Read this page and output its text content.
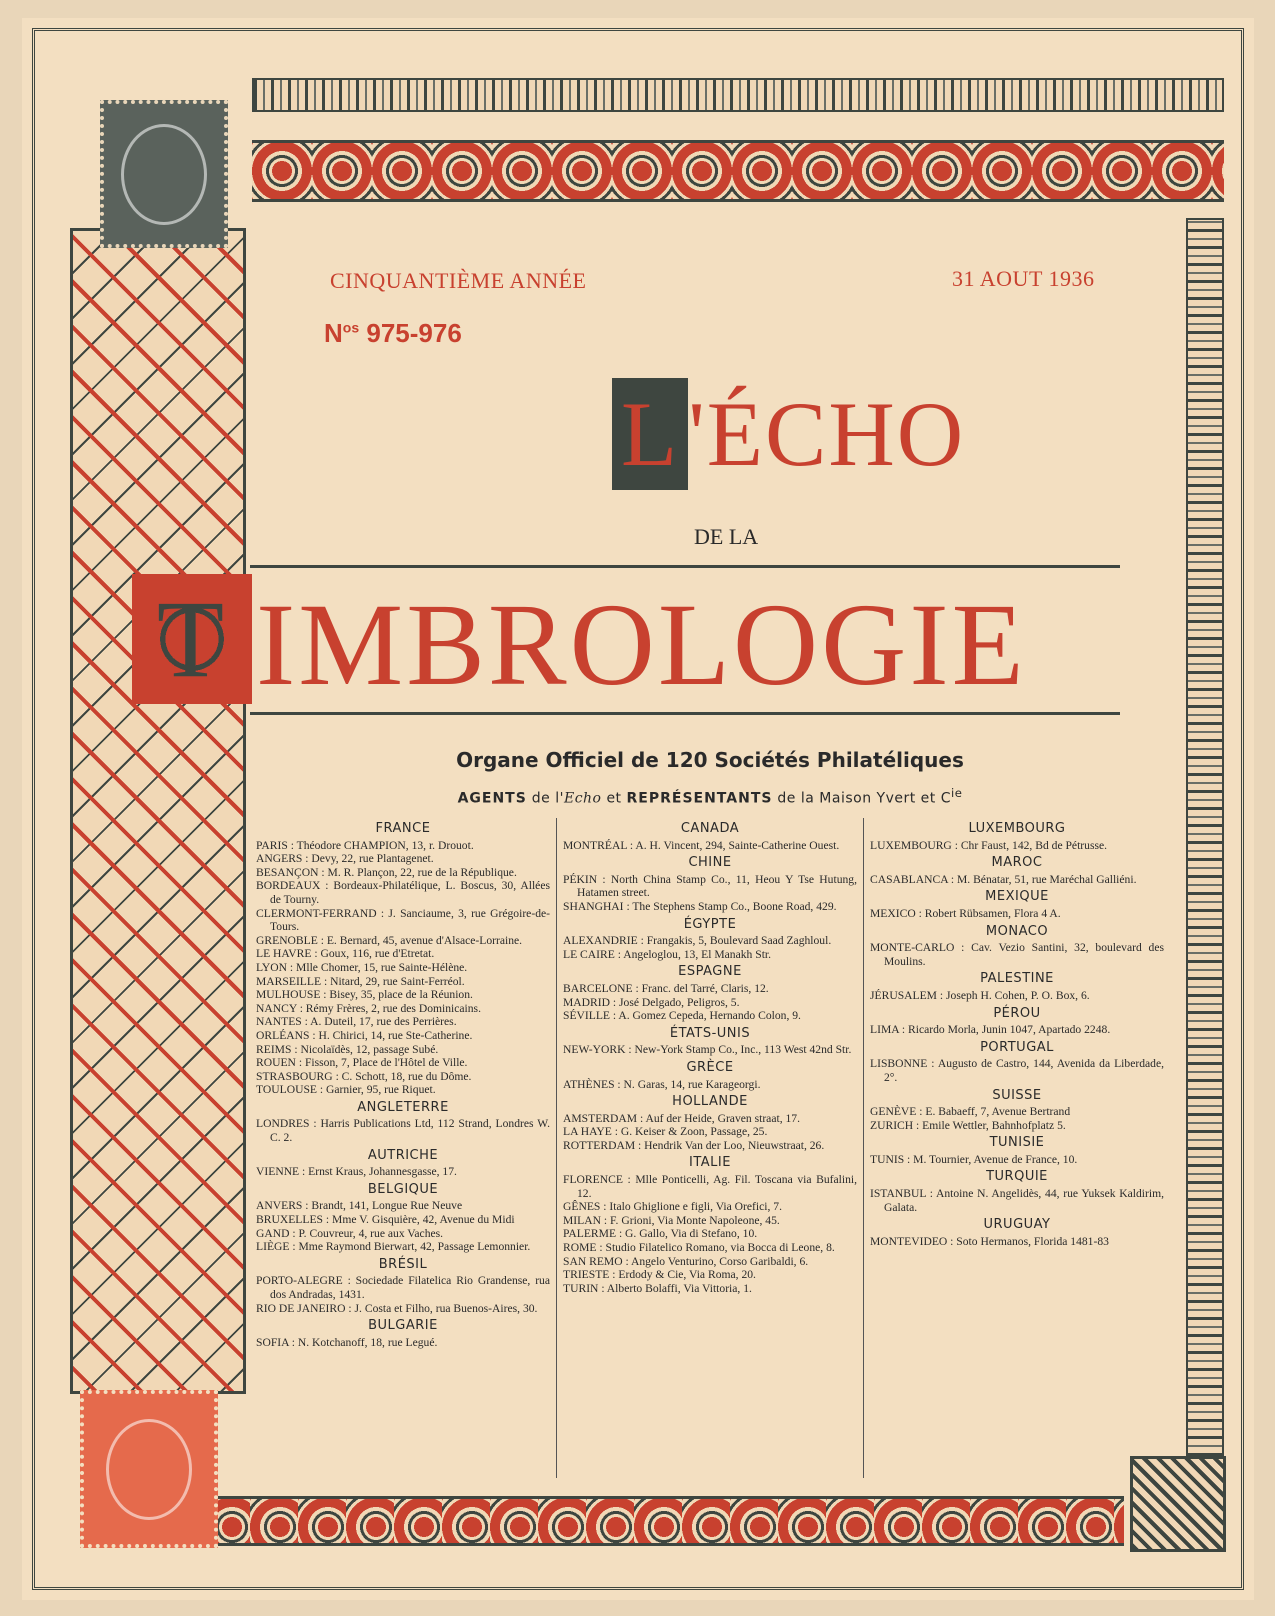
CINQUANTIÈME ANNÉE	31 AOUT 1936
$N^{os}$ 975-976
L'ÉCHO
DE LA
T IMBROLOGIE
Organe Officiel de 120 Sociétés Philatéliques
AGENTS de l'Echo et REPRÉSENTANTS de la Maison Yvert et $C^{ie}$
FRANCE
PARIS : Théodore CHAMPION, 13, r. Drouot.
ANGERS : Devy, 22, rue Plantagenet.
BESANÇON : M. R. Plançon, 22, rue de la République.
BORDEAUX : Bordeaux-Philatélique, L. Boscus, 30, Allées de Tourny.
CLERMONT-FERRAND : J. Sanciaume, 3, rue Grégoire-de-Tours.
GRENOBLE : E. Bernard, 45, avenue d'Alsace-Lorraine.
LE HAVRE : Goux, 116, rue d'Etretat.
LYON : Mlle Chomer, 15, rue Sainte-Hélène.
MARSEILLE : Nitard, 29, rue Saint-Ferréol.
MULHOUSE : Bisey, 35, place de la Réunion.
NANCY : Rémy Frères, 2, rue des Dominicains.
NANTES : A. Duteil, 17, rue des Perrières.
ORLÉANS : H. Chirici, 14, rue Ste-Catherine.
REIMS : Nicolaïdès, 12, passage Subé.
ROUEN : Fisson, 7, Place de l'Hôtel de Ville.
STRASBOURG : C. Schott, 18, rue du Dôme.
TOULOUSE : Garnier, 95, rue Riquet.
ANGLETERRE
LONDRES : Harris Publications Ltd, 112 Strand, Londres W. C. 2.
AUTRICHE
VIENNE : Ernst Kraus, Johannesgasse, 17.
BELGIQUE
ANVERS : Brandt, 141, Longue Rue Neuve
BRUXELLES : Mme V. Gisquière, 42, Avenue du Midi
GAND : P. Couvreur, 4, rue aux Vaches.
LIÈGE : Mme Raymond Bierwart, 42, Passage Lemonnier.
BRÉSIL
PORTO-ALEGRE : Sociedade Filatelica Rio Grandense, rua dos Andradas, 1431.
RIO DE JANEIRO : J. Costa et Filho, rua Buenos-Aires, 30.
BULGARIE
SOFIA : N. Kotchanoff, 18, rue Legué.
CANADA
MONTRÉAL : A. H. Vincent, 294, Sainte-Catherine Ouest.
CHINE
PÉKIN : North China Stamp Co., 11, Heou Y Tse Hutung, Hatamen street.
SHANGHAI : The Stephens Stamp Co., Boone Road, 429.
ÉGYPTE
ALEXANDRIE : Frangakis, 5, Boulevard Saad Zaghloul.
LE CAIRE : Angeloglou, 13, El Manakh Str.
ESPAGNE
BARCELONE : Franc. del Tarré, Claris, 12.
MADRID : José Delgado, Peligros, 5.
SÉVILLE : A. Gomez Cepeda, Hernando Colon, 9.
ÉTATS-UNIS
NEW-YORK : New-York Stamp Co., Inc., 113 West 42nd Str.
GRÈCE
ATHÈNES : N. Garas, 14, rue Karageorgi.
HOLLANDE
AMSTERDAM : Auf der Heide, Graven straat, 17.
LA HAYE : G. Keiser & Zoon, Passage, 25.
ROTTERDAM : Hendrik Van der Loo, Nieuwstraat, 26.
ITALIE
FLORENCE : Mlle Ponticelli, Ag. Fil. Toscana via Bufalini, 12.
GÊNES : Italo Ghiglione e figli, Via Orefici, 7.
MILAN : F. Grioni, Via Monte Napoleone, 45.
PALERME : G. Gallo, Via di Stefano, 10.
ROME : Studio Filatelico Romano, via Bocca di Leone, 8.
SAN REMO : Angelo Venturino, Corso Garibaldi, 6.
TRIESTE : Erdody & Cie, Via Roma, 20.
TURIN : Alberto Bolaffi, Via Vittoria, 1.
LUXEMBOURG
LUXEMBOURG : Chr Faust, 142, Bd de Pétrusse.
MAROC
CASABLANCA : M. Bénatar, 51, rue Maréchal Galliéni.
MEXIQUE
MEXICO : Robert Rübsamen, Flora 4 A.
MONACO
MONTE-CARLO : Cav. Vezio Santini, 32, boulevard des Moulins.
PALESTINE
JÉRUSALEM : Joseph H. Cohen, P. O. Box, 6.
PÉROU
LIMA : Ricardo Morla, Junin 1047, Apartado 2248.
PORTUGAL
LISBONNE : Augusto de Castro, 144, Avenida da Liberdade, 2°.
SUISSE
GENÈVE : E. Babaeff, 7, Avenue Bertrand
ZURICH : Emile Wettler, Bahnhofplatz 5.
TUNISIE
TUNIS : M. Tournier, Avenue de France, 10.
TURQUIE
ISTANBUL : Antoine N. Angelidès, 44, rue Yuksek Kaldirim, Galata.
URUGUAY
MONTEVIDEO : Soto Hermanos, Florida 1481-83
